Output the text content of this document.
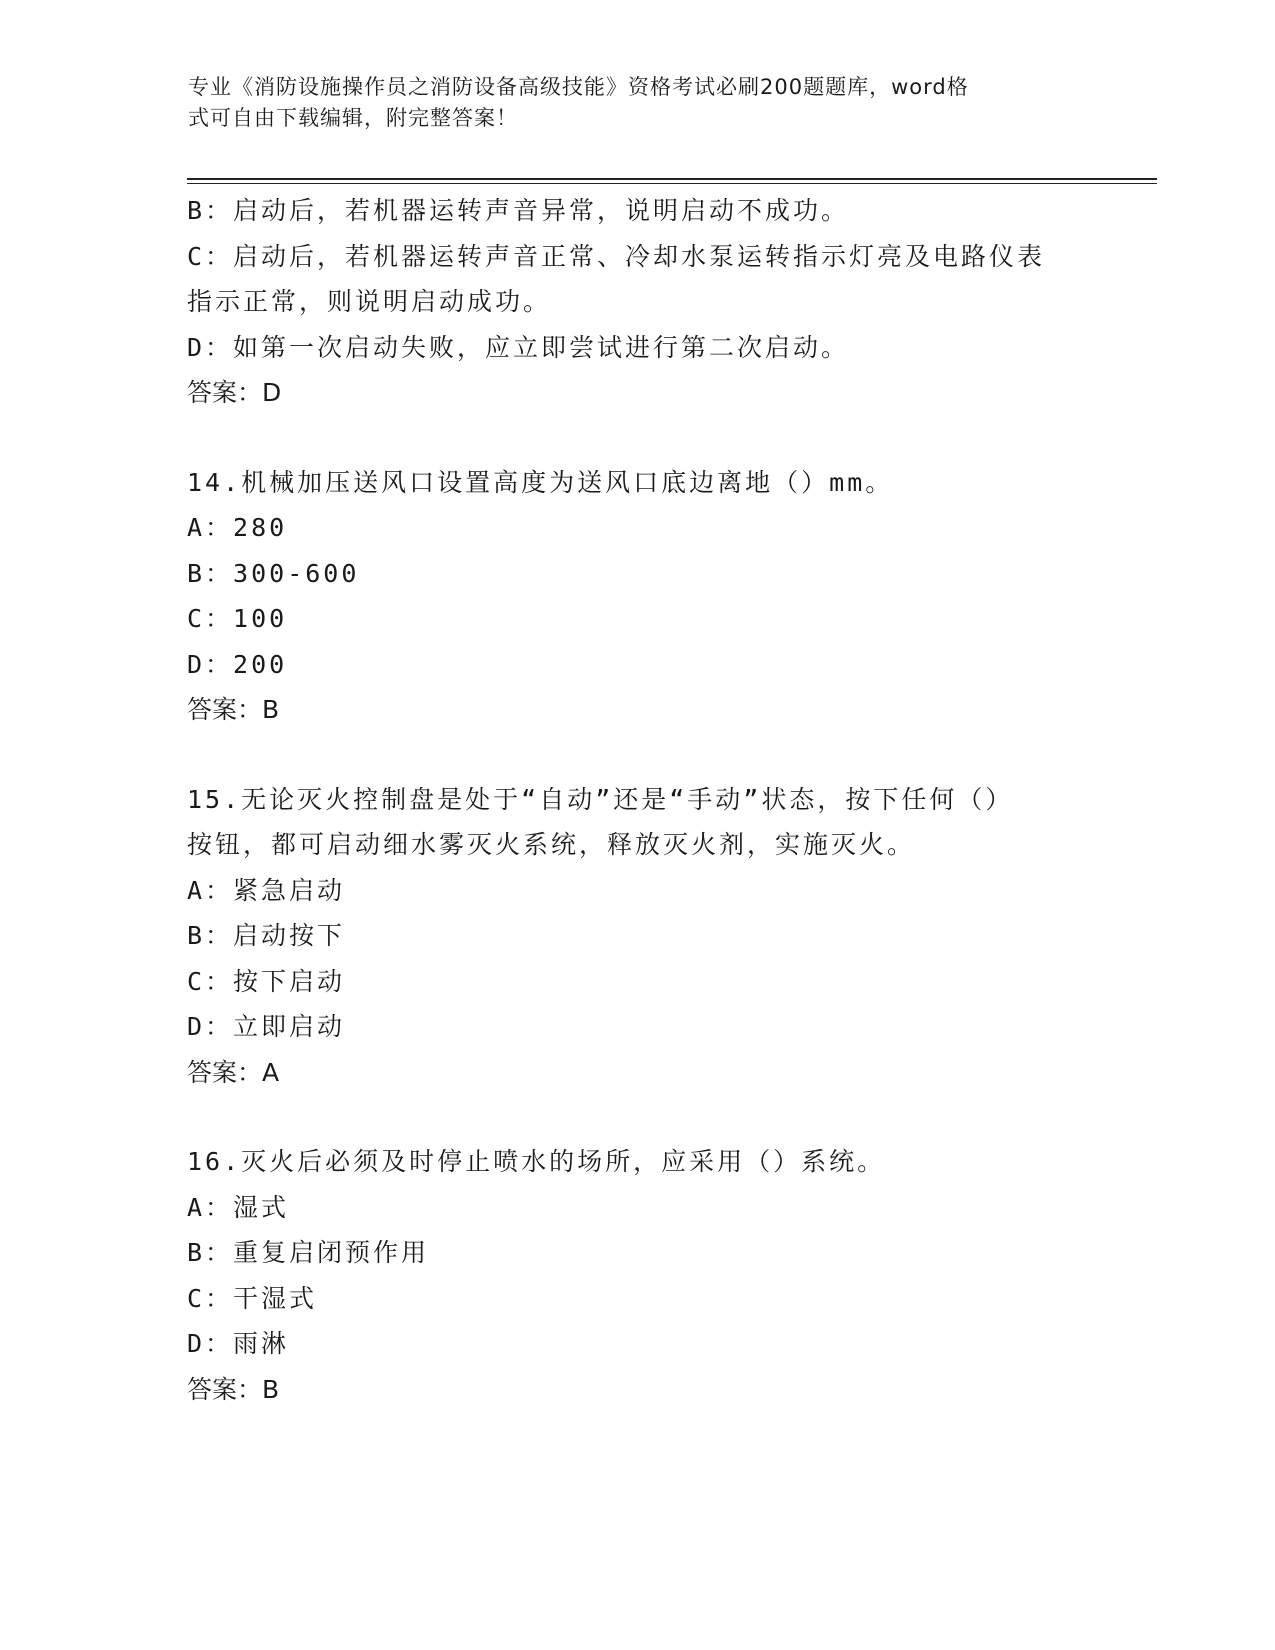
专业《消防设施操作员之消防设备高级技能》资格考试必刷200题题库，word格
式可自由下载编辑，附完整答案！
B：启动后，若机器运转声音异常，说明启动不成功。
C：启动后，若机器运转声音正常、冷却水泵运转指示灯亮及电路仪表
指示正常，则说明启动成功。
D：如第一次启动失败，应立即尝试进行第二次启动。
答案：D
14.机械加压送风口设置高度为送风口底边离地（）mm。
A：280
B：300-600
C：100
D：200
答案：B
15.无论灭火控制盘是处于“自动”还是“手动”状态，按下任何（）
按钮，都可启动细水雾灭火系统，释放灭火剂，实施灭火。
A：紧急启动
B：启动按下
C：按下启动
D：立即启动
答案：A
16.灭火后必须及时停止喷水的场所，应采用（）系统。
A：湿式
B：重复启闭预作用
C：干湿式
D：雨淋
答案：B
